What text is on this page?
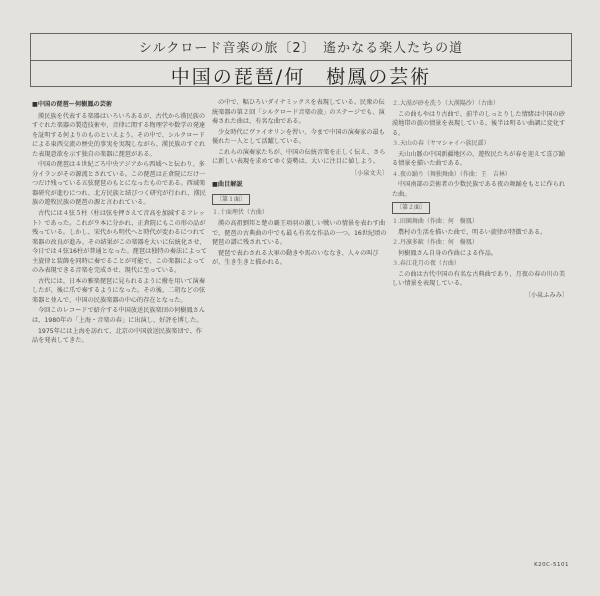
シルクロード音楽の旅〔2〕　遙かなる楽人たちの道
中国の琵琶/何　樹鳳の芸術
■中国の琵琶ー何樹鳳の芸術

漢民族を代表する楽器はいろいろあるが、古代から漢民族のすぐれた楽器の製造技術や、音律に関する物理学や数学の発達を証明する何よりのものといえよう。その中で、シルクロードによる東西交流の歴史的事実を実現しながら、漢民族のすぐれた表現意欲を示す独自の楽器に琵琶がある。

中国の琵琶は４世紀ごろ中央アジアから西域へと伝わり、多分イランがその源流とされている。この琵琶は正倉院にだけ一つだけ残っている五弦琵琶のもとになったものである。西域楽器研究が進むにつれ、北方民族と結びつく研究が行われ、漢民族の遊牧民族の琵琶の源と言われている。

古代には４弦５柱（柱は弦を押さえて音高を加減するフレット）であった。これが９本に分かれ、正倉院にもこの形の品が残っている。しかし、宋代から明代へと時代が変わるにつれて楽器の改良が進み、その結果がこの楽器を大いに伝統化させ、今日では４弦16柱が普通となった。琵琶は独特の奏法によって主旋律と装飾を同時に奏でることが可能で、この楽器によってのみ表現できる音楽を完成させ、現代に至っている。

古代には、日本の雅楽琵琶に見られるように撥を用いて演奏したが、後に爪で奏するようになった。その後、二胡などの弦楽器と並んで、中国の民族楽器の中心的存在となった。

今回このレコードで紹介する中国放送民族楽団の何樹鳳さんは、1980年の「上海・音楽の春」に出演し、好評を博した。

1975年には上海を訪れて、北京の中国放送民族楽団で、作品を発表してきた。

の中で、幅ひろいダイナミックスを表現している。民衆の伝統楽器の第２回「シルクロード音楽の旅」のステージでも、演奏された曲は、有名な曲である。

少女時代にヴァイオリンを習い、今まで中国の演奏家の最も優れた一人として活躍している。

これらの演奏家たちが、中国の伝統音楽を正しく伝え、さらに新しい表現を求めてゆく姿勢は、大いに注目に値しよう。

〔小泉文夫〕
■曲目解説
〔第１面〕
１.十面埋伏（古曲）

漢の高祖劉邦と楚の覇王項羽の激しい戦いの情景を表わす曲で、琵琶の古典曲の中でも最も有名な作品の一つ。16世紀頃の琵琶の譜に残されている。

琵琶で表わされる大軍の動きや馬のいななき、人々の叫びが、生き生きと描かれる。

２.大漠が砂を洗う（大漢陽沙）（古曲）

この曲もやはり古曲で、前半のしっとりした情緒は中国の砂漠地帯の旅の情景を表現している。後半は明るい曲調に変化する。

３.天山の春（ヤマシャイハ族民謡）

天山山脈の中国新疆地区の、遊牧民たちが春を迎えて喜び踊る情景を描いた曲である。

４.夜の踊り（舞独舞曲）（作曲：王　吉林）

中国南部の芸術者の少数民族である夜の舞踊をもとに作られた曲。

〔第２面〕
１.田園舞曲（作曲：何　樹鳳）

農村の生活を描いた曲で、明るい旋律が特徴である。

２.丹凛多歓（作曲：何　樹鳳）

何樹鳳さん自身の作曲による作品。

３.春江花月の夜（古曲）

この曲は古代中国の有名な古典曲であり、月夜の春の川の美しい情景を表現している。

〔小泉ふみみ〕
K20C-5101
